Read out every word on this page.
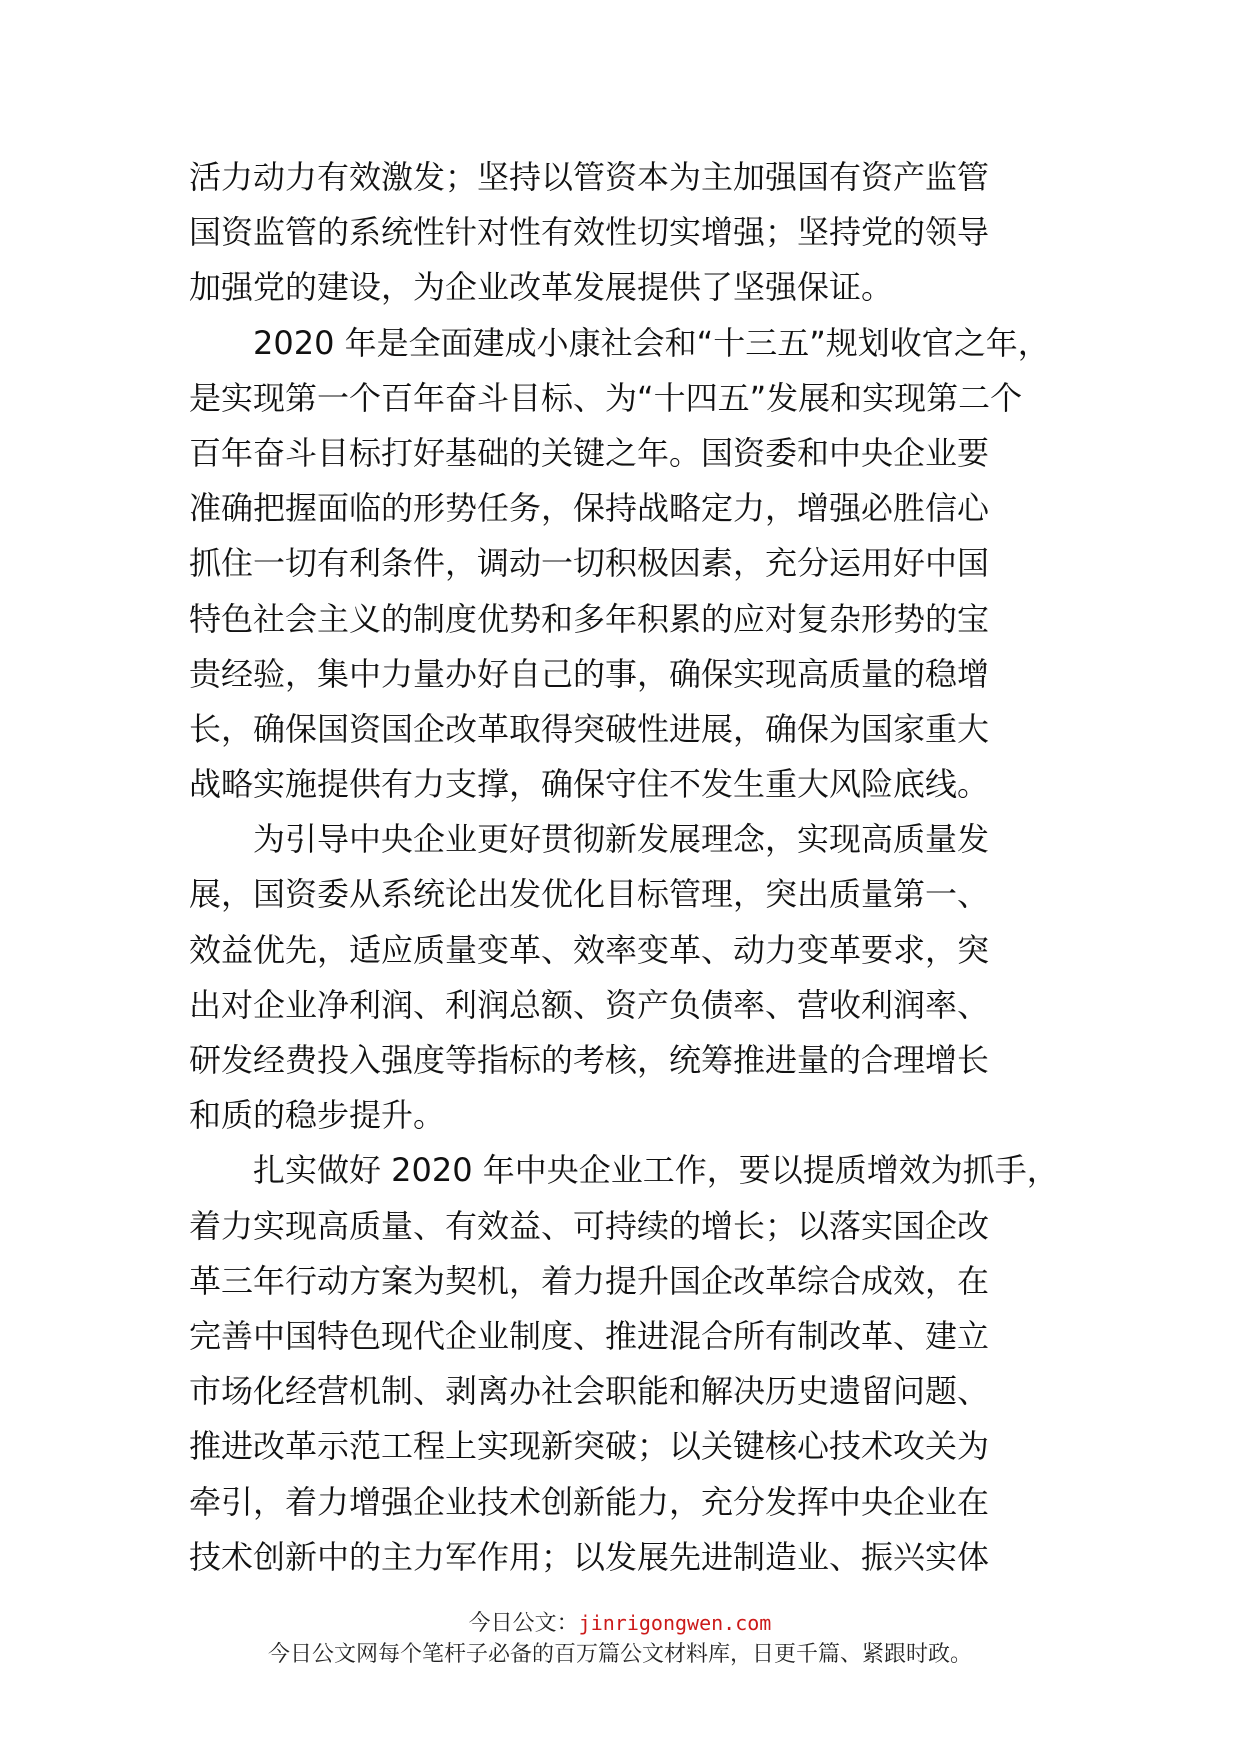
活力动力有效激发；坚持以管资本为主加强国有资产监管
国资监管的系统性针对性有效性切实增强；坚持党的领导
加强党的建设，为企业改革发展提供了坚强保证。
2020 年是全面建成小康社会和“十三五”规划收官之年，
是实现第一个百年奋斗目标、为“十四五”发展和实现第二个
百年奋斗目标打好基础的关键之年。国资委和中央企业要
准确把握面临的形势任务，保持战略定力，增强必胜信心
抓住一切有利条件，调动一切积极因素，充分运用好中国
特色社会主义的制度优势和多年积累的应对复杂形势的宝
贵经验，集中力量办好自己的事，确保实现高质量的稳增
长，确保国资国企改革取得突破性进展，确保为国家重大
战略实施提供有力支撑，确保守住不发生重大风险底线。
为引导中央企业更好贯彻新发展理念，实现高质量发
展，国资委从系统论出发优化目标管理，突出质量第一、
效益优先，适应质量变革、效率变革、动力变革要求，突
出对企业净利润、利润总额、资产负债率、营收利润率、
研发经费投入强度等指标的考核，统筹推进量的合理增长
和质的稳步提升。
扎实做好 2020 年中央企业工作，要以提质增效为抓手，
着力实现高质量、有效益、可持续的增长；以落实国企改
革三年行动方案为契机，着力提升国企改革综合成效，在
完善中国特色现代企业制度、推进混合所有制改革、建立
市场化经营机制、剥离办社会职能和解决历史遗留问题、
推进改革示范工程上实现新突破；以关键核心技术攻关为
牵引，着力增强企业技术创新能力，充分发挥中央企业在
技术创新中的主力军作用；以发展先进制造业、振兴实体
今日公文：jinrigongwen.com
今日公文网每个笔杆子必备的百万篇公文材料库，日更千篇、紧跟时政。
